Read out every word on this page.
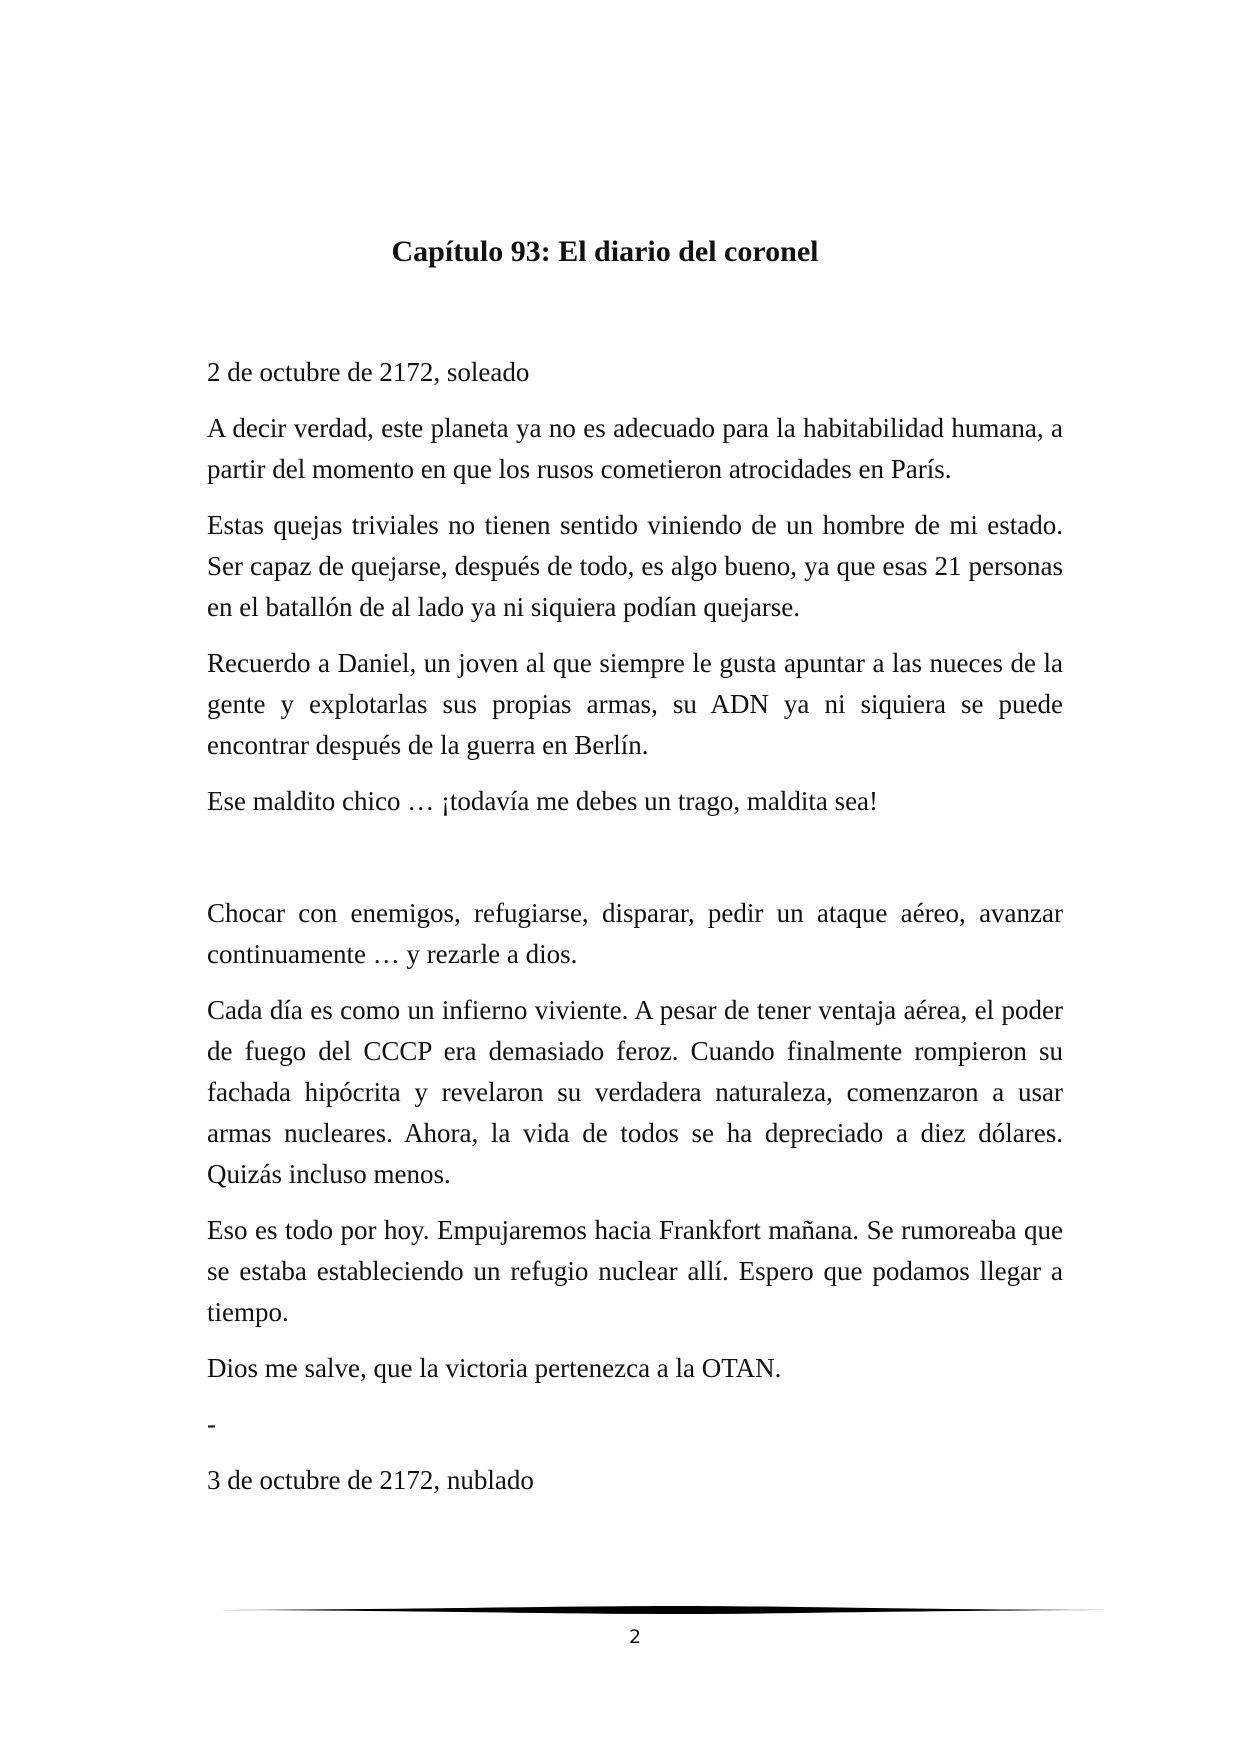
Capítulo 93: El diario del coronel

2 de octubre de 2172, soleado

A decir verdad, este planeta ya no es adecuado para la habitabilidad humana, a partir del momento en que los rusos cometieron atrocidades en París.

Estas quejas triviales no tienen sentido viniendo de un hombre de mi estado. Ser capaz de quejarse, después de todo, es algo bueno, ya que esas 21 personas en el batallón de al lado ya ni siquiera podían quejarse.

Recuerdo a Daniel, un joven al que siempre le gusta apuntar a las nueces de la gente y explotarlas sus propias armas, su ADN ya ni siquiera se puede encontrar después de la guerra en Berlín.

Ese maldito chico … ¡todavía me debes un trago, maldita sea!

Chocar con enemigos, refugiarse, disparar, pedir un ataque aéreo, avanzar continuamente … y rezarle a dios.

Cada día es como un infierno viviente. A pesar de tener ventaja aérea, el poder de fuego del CCCP era demasiado feroz. Cuando finalmente rompieron su fachada hipócrita y revelaron su verdadera naturaleza, comenzaron a usar armas nucleares. Ahora, la vida de todos se ha depreciado a diez dólares. Quizás incluso menos.

Eso es todo por hoy. Empujaremos hacia Frankfort mañana. Se rumoreaba que se estaba estableciendo un refugio nuclear allí. Espero que podamos llegar a tiempo.

Dios me salve, que la victoria pertenezca a la OTAN.

-

3 de octubre de 2172, nublado

2
